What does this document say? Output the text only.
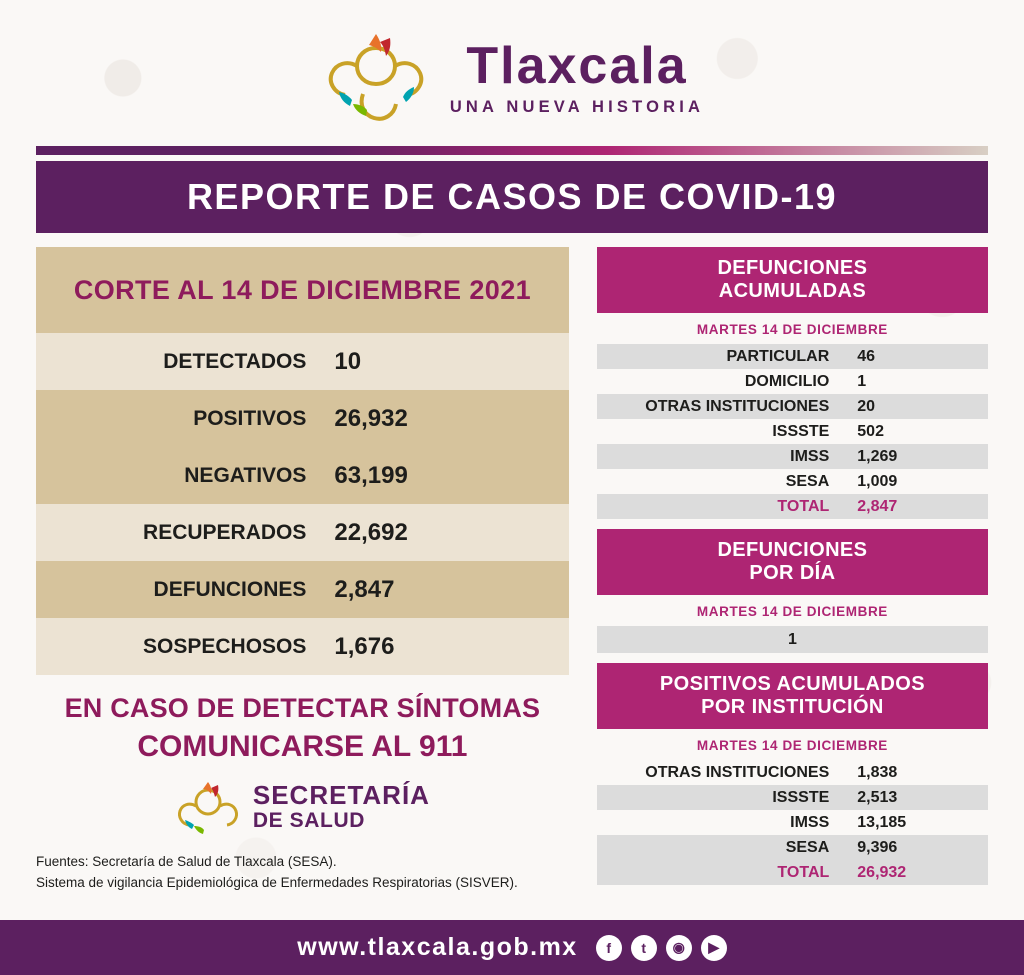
Tlaxcala
UNA NUEVA HISTORIA
REPORTE DE CASOS DE COVID-19
CORTE AL 14 DE DICIEMBRE 2021
DETECTADOS	10
POSITIVOS	26,932
NEGATIVOS	63,199
RECUPERADOS	22,692
DEFUNCIONES	2,847
SOSPECHOSOS	1,676
EN CASO DE DETECTAR SÍNTOMAS
COMUNICARSE AL 911
SECRETARÍA
DE SALUD
Fuentes: Secretaría de Salud de Tlaxcala (SESA).
Sistema de vigilancia Epidemiológica de Enfermedades Respiratorias (SISVER).
DEFUNCIONES
ACUMULADAS
MARTES 14 DE DICIEMBRE
PARTICULAR	46
DOMICILIO	1
OTRAS INSTITUCIONES	20
ISSSTE	502
IMSS	1,269
SESA	1,009
TOTAL	2,847
DEFUNCIONES
POR DÍA
MARTES 14 DE DICIEMBRE
1
POSITIVOS ACUMULADOS
POR INSTITUCIÓN
MARTES 14 DE DICIEMBRE
OTRAS INSTITUCIONES	1,838
ISSSTE	2,513
IMSS	13,185
SESA	9,396
TOTAL	26,932
www.tlaxcala.gob.mx	f	t	◉	▶
